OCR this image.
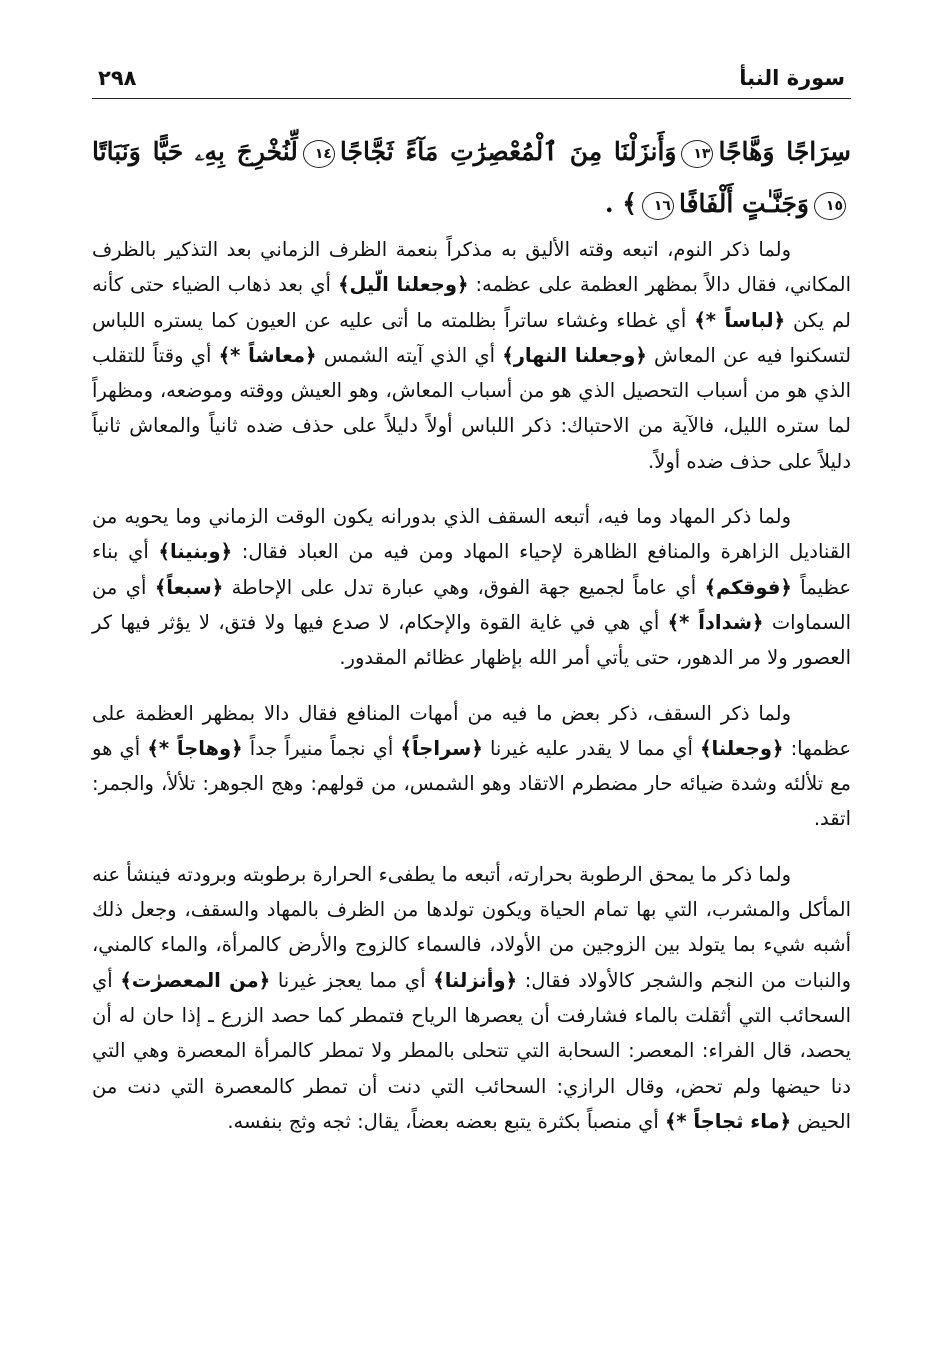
سورة النبأ
٢٩٨
سِرَاجًا وَهَّاجًا١٣وَأَنزَلْنَا مِنَ ٱلْمُعْصِرَٰتِ مَآءً ثَجَّاجًا١٤لِّنُخْرِجَ بِهِۦ حَبًّا وَنَبَاتًا١٥وَجَنَّـٰتٍ أَلْفَافًا١٦﴾ .

ولما ذكر النوم، اتبعه وقته الأليق به مذكراً بنعمة الظرف الزماني بعد التذكير بالظرف المكاني، فقال دالاً بمظهر العظمة على عظمه: ﴿وجعلنا الّيل﴾ أي بعد ذهاب الضياء حتى كأنه لم يكن ﴿لباساً *﴾ أي غطاء وغشاء ساتراً بظلمته ما أتى عليه عن العيون كما يستره اللباس لتسكنوا فيه عن المعاش ﴿وجعلنا النهار﴾ أي الذي آيته الشمس ﴿معاشاً *﴾ أي وقتاً للتقلب الذي هو من أسباب التحصيل الذي هو من أسباب المعاش، وهو العيش ووقته وموضعه، ومظهراً لما ستره الليل، فالآية من الاحتباك: ذكر اللباس أولاً دليلاً على حذف ضده ثانياً والمعاش ثانياً دليلاً على حذف ضده أولاً.

ولما ذكر المهاد وما فيه، أتبعه السقف الذي بدورانه يكون الوقت الزماني وما يحويه من القناديل الزاهرة والمنافع الظاهرة لإحياء المهاد ومن فيه من العباد فقال: ﴿وبنينا﴾ أي بناء عظيماً ﴿فوقكم﴾ أي عاماً لجميع جهة الفوق، وهي عبارة تدل على الإحاطة ﴿سبعاً﴾ أي من السماوات ﴿شداداً *﴾ أي هي في غاية القوة والإحكام، لا صدع فيها ولا فتق، لا يؤثر فيها كر العصور ولا مر الدهور، حتى يأتي أمر الله بإظهار عظائم المقدور.

ولما ذكر السقف، ذكر بعض ما فيه من أمهات المنافع فقال دالا بمظهر العظمة على عظمها: ﴿وجعلنا﴾ أي مما لا يقدر عليه غيرنا ﴿سراجاً﴾ أي نجماً منيراً جداً ﴿وهاجاً *﴾ أي هو مع تلألئه وشدة ضيائه حار مضطرم الاتقاد وهو الشمس، من قولهم: وهج الجوهر: تلألأ، والجمر: اتقد.

ولما ذكر ما يمحق الرطوبة بحرارته، أتبعه ما يطفىء الحرارة برطوبته وبرودته فينشأ عنه المأكل والمشرب، التي بها تمام الحياة ويكون تولدها من الظرف بالمهاد والسقف، وجعل ذلك أشبه شيء بما يتولد بين الزوجين من الأولاد، فالسماء كالزوج والأرض كالمرأة، والماء كالمني، والنبات من النجم والشجر كالأولاد فقال: ﴿وأنزلنا﴾ أي مما يعجز غيرنا ﴿من المعصرٰت﴾ أي السحائب التي أثقلت بالماء فشارفت أن يعصرها الرياح فتمطر كما حصد الزرع ـ إذا حان له أن يحصد، قال الفراء: المعصر: السحابة التي تتحلى بالمطر ولا تمطر كالمرأة المعصرة وهي التي دنا حيضها ولم تحض، وقال الرازي: السحائب التي دنت أن تمطر كالمعصرة التي دنت من الحيض ﴿ماء ثجاجاً *﴾ أي منصباً بكثرة يتبع بعضه بعضاً، يقال: ثجه وثج بنفسه.
